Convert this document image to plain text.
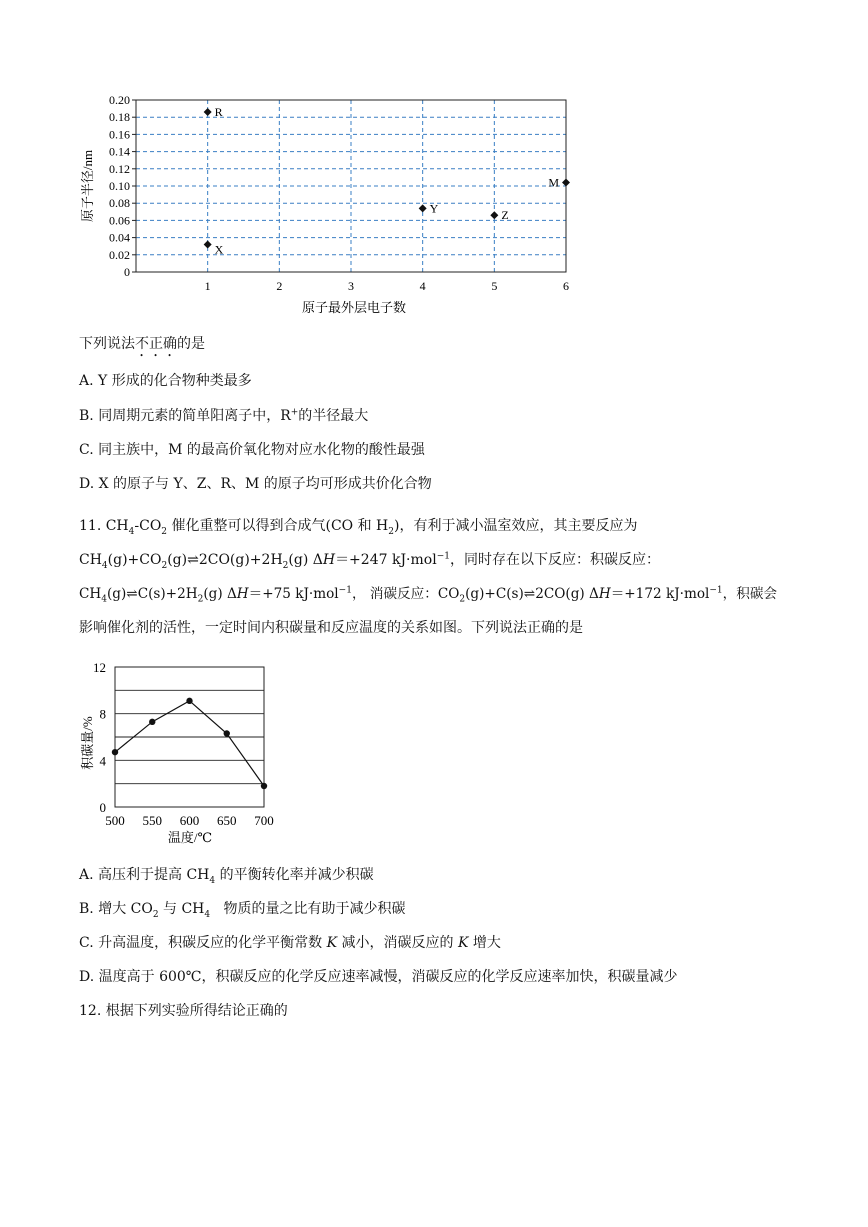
0
0.02
0.04
0.06
0.08
0.10
0.12
0.14
0.16
0.18
0.20
1	2	3	4	5	6
R
X
Y	Z
M
原子最外层电子数
原子半径/nm
下列说法不正确的是
A. Y 形成的化合物种类最多
B. 同周期元素的简单阳离子中，R+的半径最大
C. 同主族中，M 的最高价氧化物对应水化物的酸性最强
D. X 的原子与 Y、Z、R、M 的原子均可形成共价化合物
11. $CH_4-CO_2$ 催化重整可以得到合成气(CO 和 $H_2$)，有利于减小温室效应，其主要反应为
$CH_4(g)+CO_2(g)\rightleftharpoons 2CO(g)+2H_2(g)$ ΔH＝+247 kJ·mol$^{-1}$，同时存在以下反应：积碳反应：
$CH_4(g)\rightleftharpoons C(s)+2H_2(g)$ ΔH＝+75 kJ·mol$^{-1}$， 消碳反应：$CO_2(g)+C(s)\rightleftharpoons 2CO(g)$ ΔH＝+172 kJ·mol$^{-1}$，积碳会
影响催化剂的活性，一定时间内积碳量和反应温度的关系如图。下列说法正确的是
0
4
8
12
500 550 600 650 700
温度/℃
积碳量/%
A. 高压利于提高 $CH_4$ 的平衡转化率并减少积碳
B. 增大 $CO_2$ 与 $CH_4$   物质的量之比有助于减少积碳
C. 升高温度，积碳反应的化学平衡常数 K 减小，消碳反应的 K 增大
D. 温度高于 600℃，积碳反应的化学反应速率减慢，消碳反应的化学反应速率加快，积碳量减少
12. 根据下列实验所得结论正确的
